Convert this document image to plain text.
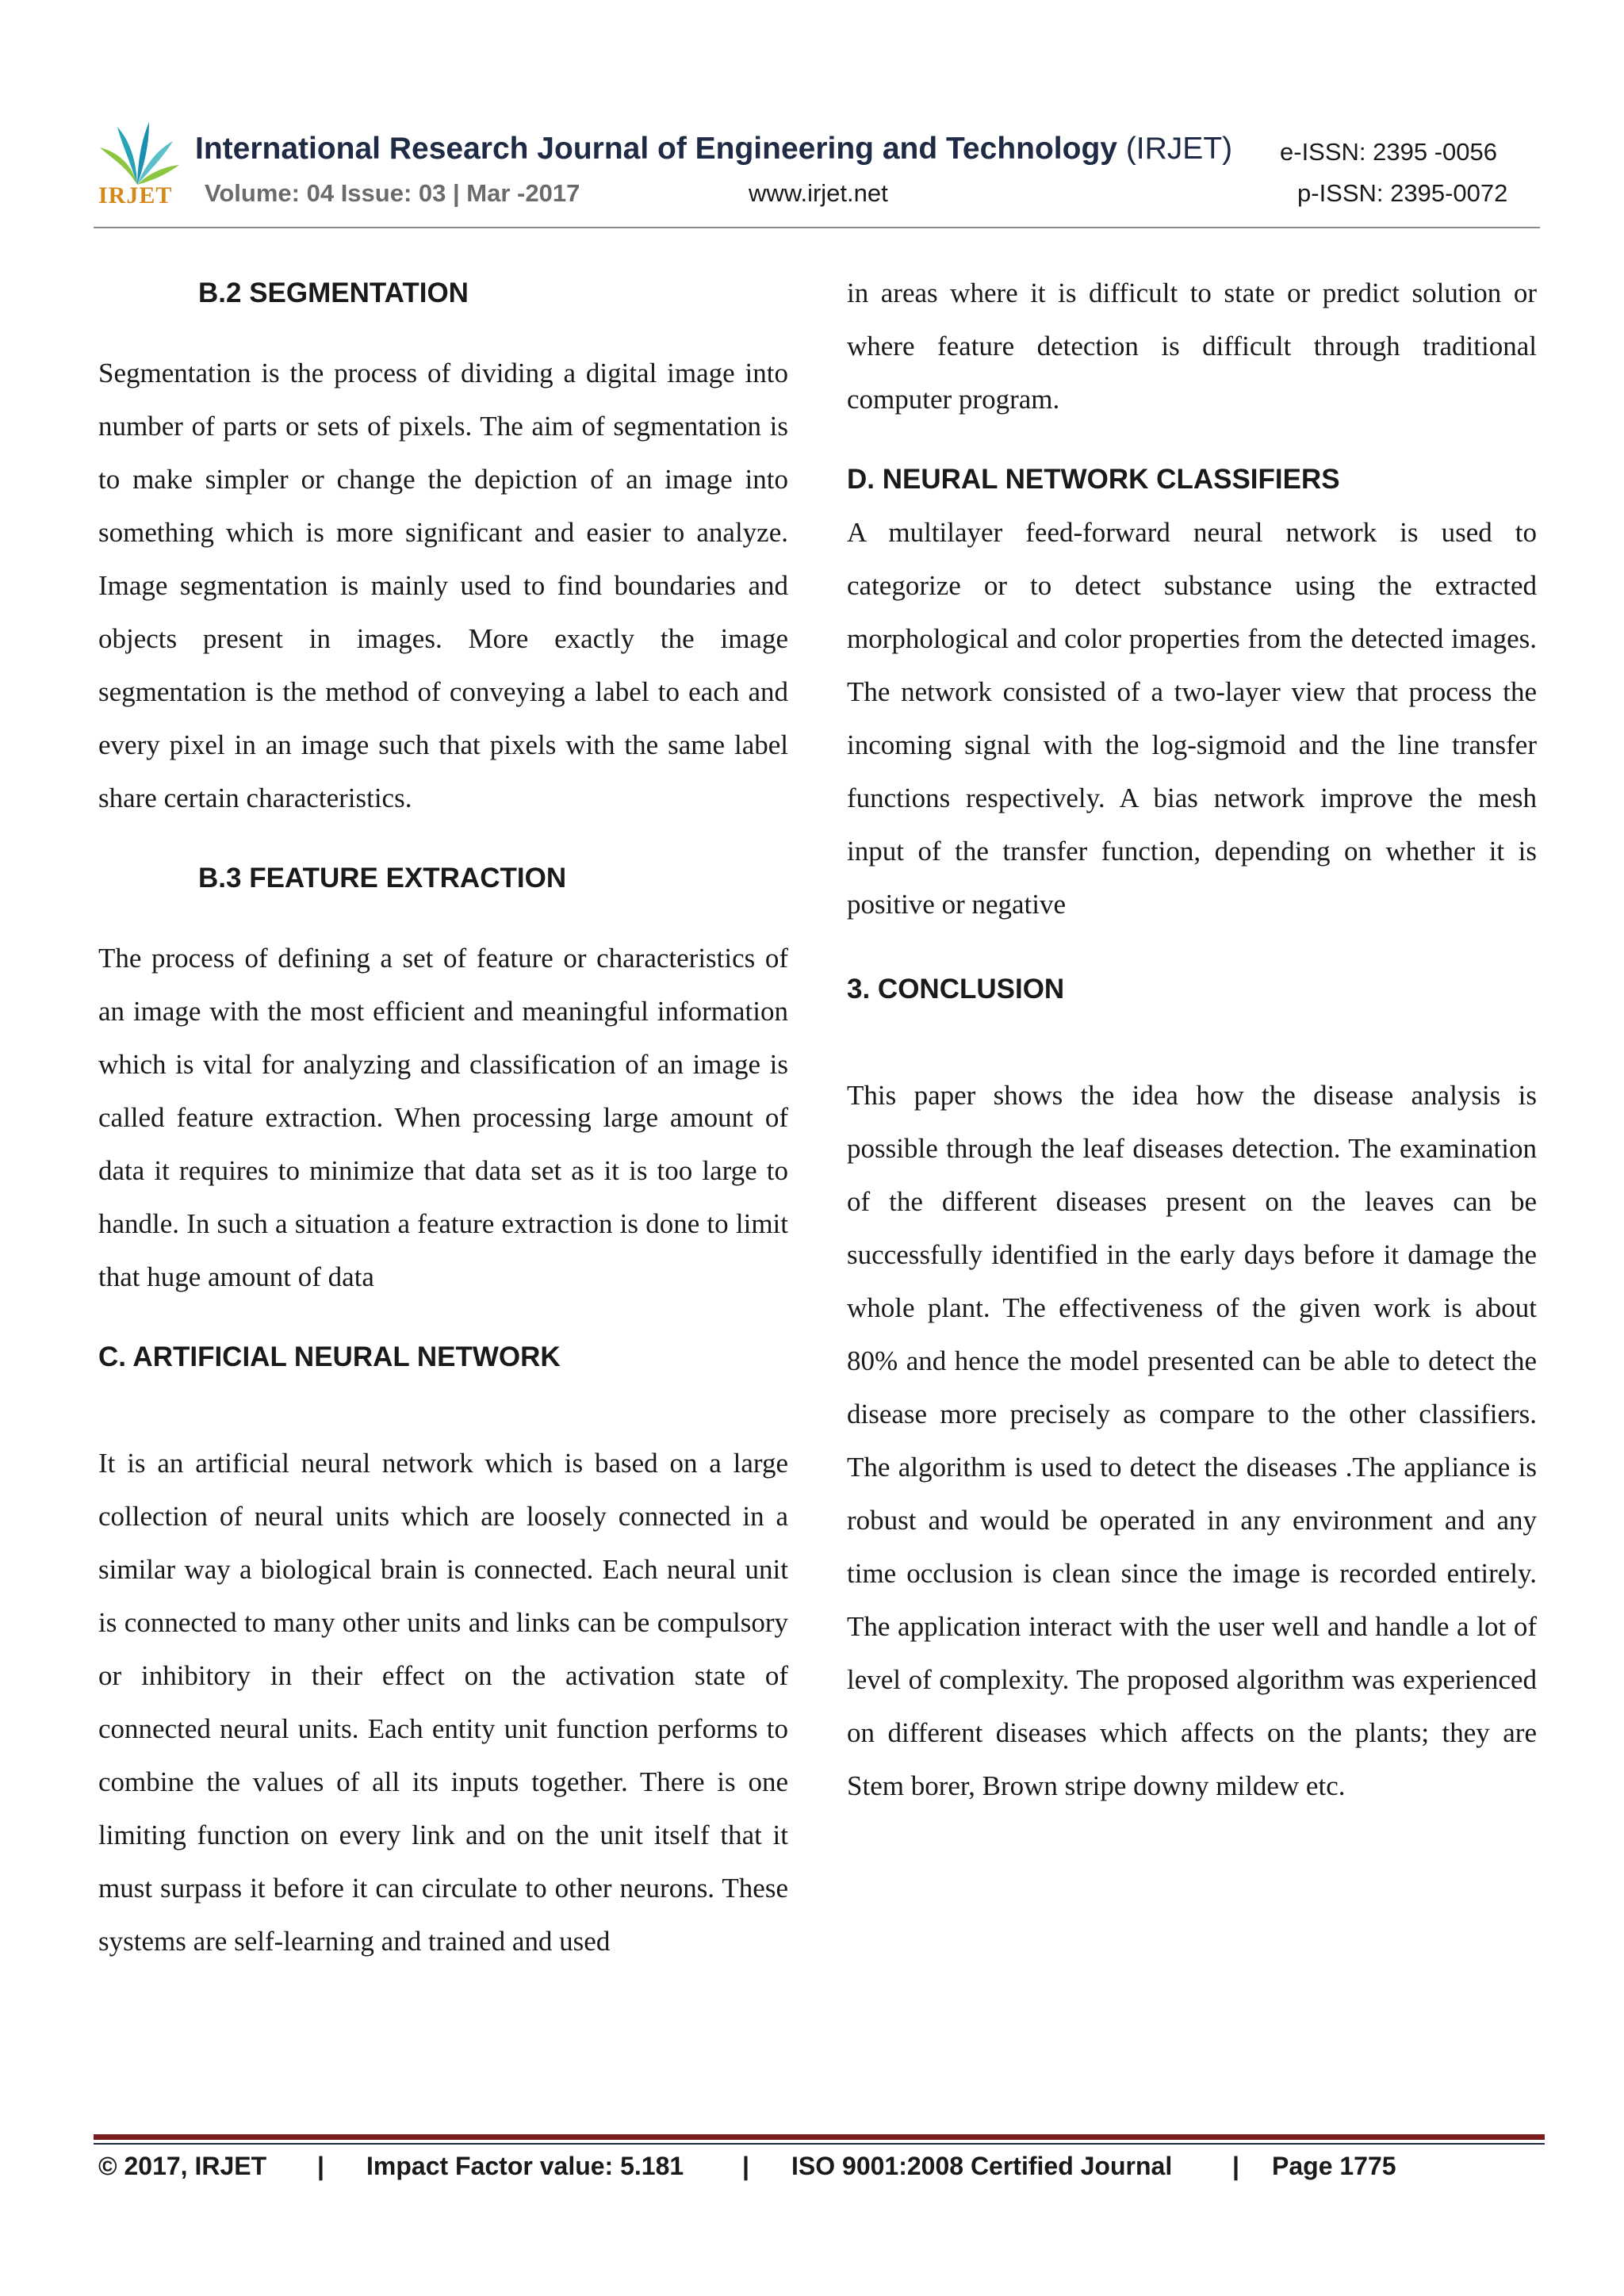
IRJET
International Research Journal of Engineering and Technology (IRJET) e-ISSN: 2395 -0056
Volume: 04 Issue: 03 | Mar -2017	www.irjet.net	p-ISSN: 2395-0072
B.2 SEGMENTATION

Segmentation is the process of dividing a digital image into number of parts or sets of pixels. The aim of segmentation is to make simpler or change the depiction of an image into something which is more significant and easier to analyze. Image segmentation is mainly used to find boundaries and objects present in images. More exactly the image segmentation is the method of conveying a label to each and every pixel in an image such that pixels with the same label share certain characteristics.

B.3 FEATURE EXTRACTION

The process of defining a set of feature or characteristics of an image with the most efficient and meaningful information which is vital for analyzing and classification of an image is called feature extraction. When processing large amount of data it requires to minimize that data set as it is too large to handle. In such a situation a feature extraction is done to limit that huge amount of data

C. ARTIFICIAL NEURAL NETWORK

It is an artificial neural network which is based on a large collection of neural units which are loosely connected in a similar way a biological brain is connected. Each neural unit is connected to many other units and links can be compulsory or inhibitory in their effect on the activation state of connected neural units. Each entity unit function performs to combine the values of all its inputs together. There is one limiting function on every link and on the unit itself that it must surpass it before it can circulate to other neurons. These systems are self-learning and trained and used

in areas where it is difficult to state or predict solution or where feature detection is difficult through traditional computer program.

D. NEURAL NETWORK CLASSIFIERS

A multilayer feed-forward neural network is used to categorize or to detect substance using the extracted morphological and color properties from the detected images. The network consisted of a two-layer view that process the incoming signal with the log-sigmoid and the line transfer functions respectively. A bias network improve the mesh input of the transfer function, depending on whether it is positive or negative

3. CONCLUSION

This paper shows the idea how the disease analysis is possible through the leaf diseases detection. The examination of the different diseases present on the leaves can be successfully identified in the early days before it damage the whole plant. The effectiveness of the given work is about 80% and hence the model presented can be able to detect the disease more precisely as compare to the other classifiers. The algorithm is used to detect the diseases .The appliance is robust and would be operated in any environment and any time occlusion is clean since the image is recorded entirely. The application interact with the user well and handle a lot of level of complexity. The proposed algorithm was experienced on different diseases which affects on the plants; they are Stem borer, Brown stripe downy mildew etc.

© 2017, IRJET | Impact Factor value: 5.181 | ISO 9001:2008 Certified Journal | Page 1775
